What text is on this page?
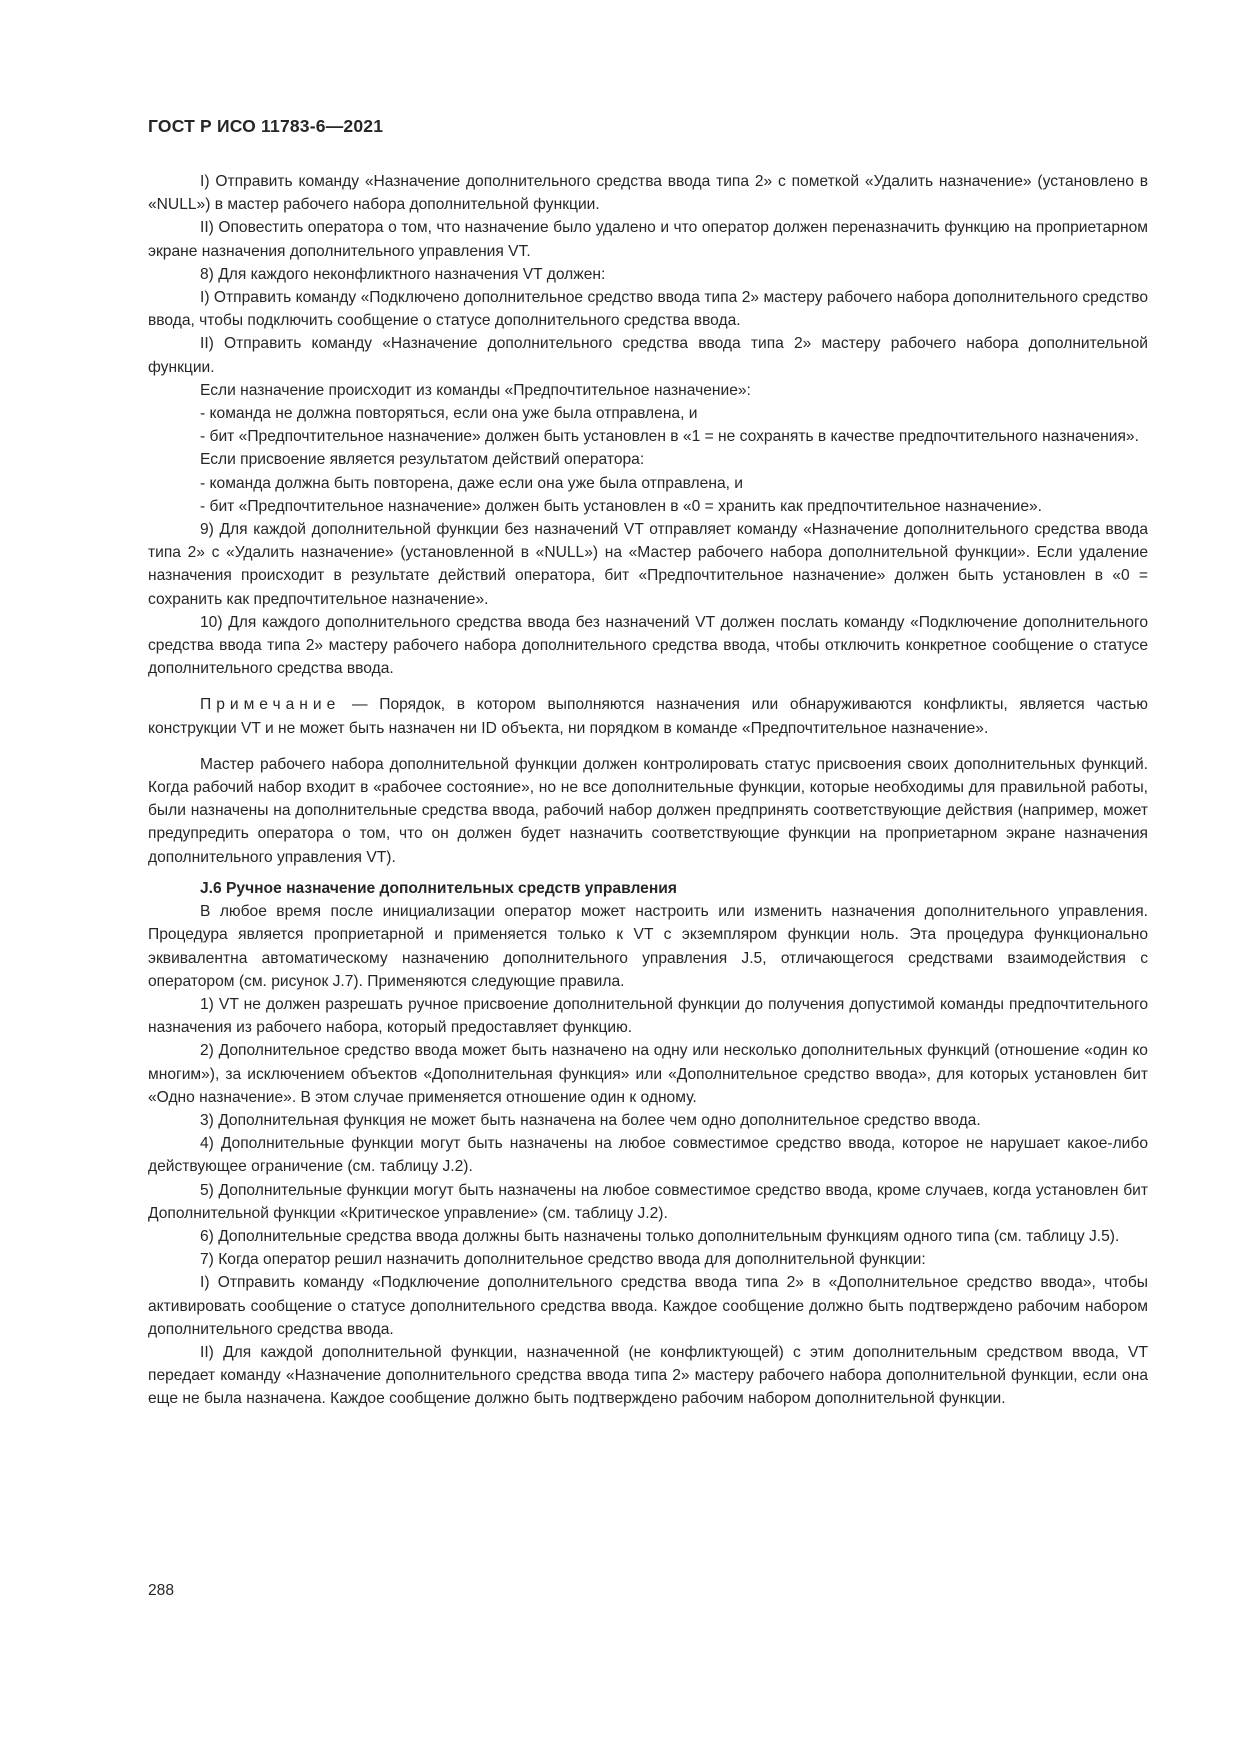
ГОСТ Р ИСО 11783-6—2021

I) Отправить команду «Назначение дополнительного средства ввода типа 2» с пометкой «Удалить назначение» (установлено в «NULL») в мастер рабочего набора дополнительной функции.

II) Оповестить оператора о том, что назначение было удалено и что оператор должен переназначить функцию на проприетарном экране назначения дополнительного управления VT.

8) Для каждого неконфликтного назначения VT должен:

I) Отправить команду «Подключено дополнительное средство ввода типа 2» мастеру рабочего набора дополнительного средство ввода, чтобы подключить сообщение о статусе дополнительного средства ввода.

II) Отправить команду «Назначение дополнительного средства ввода типа 2» мастеру рабочего набора дополнительной функции.

Если назначение происходит из команды «Предпочтительное назначение»:

- команда не должна повторяться, если она уже была отправлена, и

- бит «Предпочтительное назначение» должен быть установлен в «1 = не сохранять в качестве предпочтительного назначения».

Если присвоение является результатом действий оператора:

- команда должна быть повторена, даже если она уже была отправлена, и

- бит «Предпочтительное назначение» должен быть установлен в «0 = хранить как предпочтительное назначение».

9) Для каждой дополнительной функции без назначений VT отправляет команду «Назначение дополнительного средства ввода типа 2» с «Удалить назначение» (установленной в «NULL») на «Мастер рабочего набора дополнительной функции». Если удаление назначения происходит в результате действий оператора, бит «Предпочтительное назначение» должен быть установлен в «0 = сохранить как предпочтительное назначение».

10) Для каждого дополнительного средства ввода без назначений VT должен послать команду «Подключение дополнительного средства ввода типа 2» мастеру рабочего набора дополнительного средства ввода, чтобы отключить конкретное сообщение о статусе дополнительного средства ввода.

Примечание — Порядок, в котором выполняются назначения или обнаруживаются конфликты, является частью конструкции VT и не может быть назначен ни ID объекта, ни порядком в команде «Предпочтительное назначение».

Мастер рабочего набора дополнительной функции должен контролировать статус присвоения своих дополнительных функций. Когда рабочий набор входит в «рабочее состояние», но не все дополнительные функции, которые необходимы для правильной работы, были назначены на дополнительные средства ввода, рабочий набор должен предпринять соответствующие действия (например, может предупредить оператора о том, что он должен будет назначить соответствующие функции на проприетарном экране назначения дополнительного управления VT).

J.6 Ручное назначение дополнительных средств управления

В любое время после инициализации оператор может настроить или изменить назначения дополнительного управления. Процедура является проприетарной и применяется только к VT с экземпляром функции ноль. Эта процедура функционально эквивалентна автоматическому назначению дополнительного управления J.5, отличающегося средствами взаимодействия с оператором (см. рисунок J.7). Применяются следующие правила.

1) VT не должен разрешать ручное присвоение дополнительной функции до получения допустимой команды предпочтительного назначения из рабочего набора, который предоставляет функцию.

2) Дополнительное средство ввода может быть назначено на одну или несколько дополнительных функций (отношение «один ко многим»), за исключением объектов «Дополнительная функция» или «Дополнительное средство ввода», для которых установлен бит «Одно назначение». В этом случае применяется отношение один к одному.

3) Дополнительная функция не может быть назначена на более чем одно дополнительное средство ввода.

4) Дополнительные функции могут быть назначены на любое совместимое средство ввода, которое не нарушает какое-либо действующее ограничение (см. таблицу J.2).

5) Дополнительные функции могут быть назначены на любое совместимое средство ввода, кроме случаев, когда установлен бит Дополнительной функции «Критическое управление» (см. таблицу J.2).

6) Дополнительные средства ввода должны быть назначены только дополнительным функциям одного типа (см. таблицу J.5).

7) Когда оператор решил назначить дополнительное средство ввода для дополнительной функции:

I) Отправить команду «Подключение дополнительного средства ввода типа 2» в «Дополнительное средство ввода», чтобы активировать сообщение о статусе дополнительного средства ввода. Каждое сообщение должно быть подтверждено рабочим набором дополнительного средства ввода.

II) Для каждой дополнительной функции, назначенной (не конфликтующей) с этим дополнительным средством ввода, VT передает команду «Назначение дополнительного средства ввода типа 2» мастеру рабочего набора дополнительной функции, если она еще не была назначена. Каждое сообщение должно быть подтверждено рабочим набором дополнительной функции.

288
